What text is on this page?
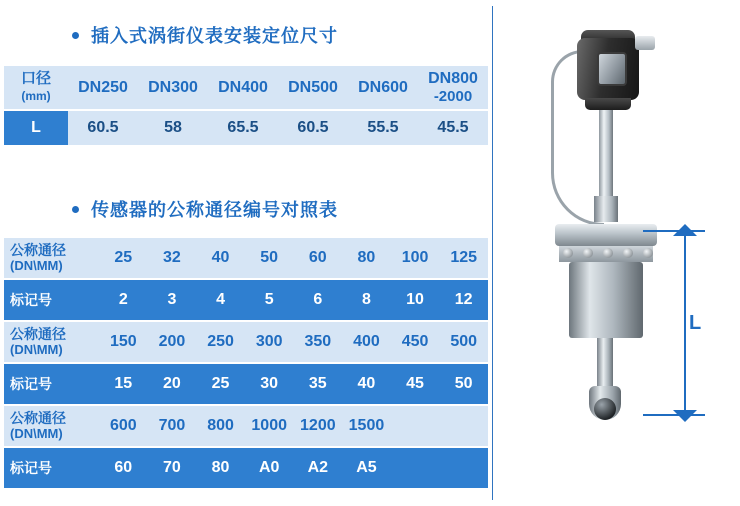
插入式涡街仪表安装定位尺寸
口径
(mm)	DN250	DN300	DN400	DN500	DN600	DN800
-2000

L	60.5	58	65.5	60.5	55.5	45.5
传感器的公称通径编号对照表
公称通径
(DN\MM)	25	32	40	50	60	80	100	125
标记号	2	3	4	5	6	8	10	12
公称通径
(DN\MM)	150	200	250	300	350	400	450	500
标记号	15	20	25	30	35	40	45	50
公称通径
(DN\MM)	600	700	800	1000	1200	1500		
标记号	60	70	80	A0	A2	A5		
L
